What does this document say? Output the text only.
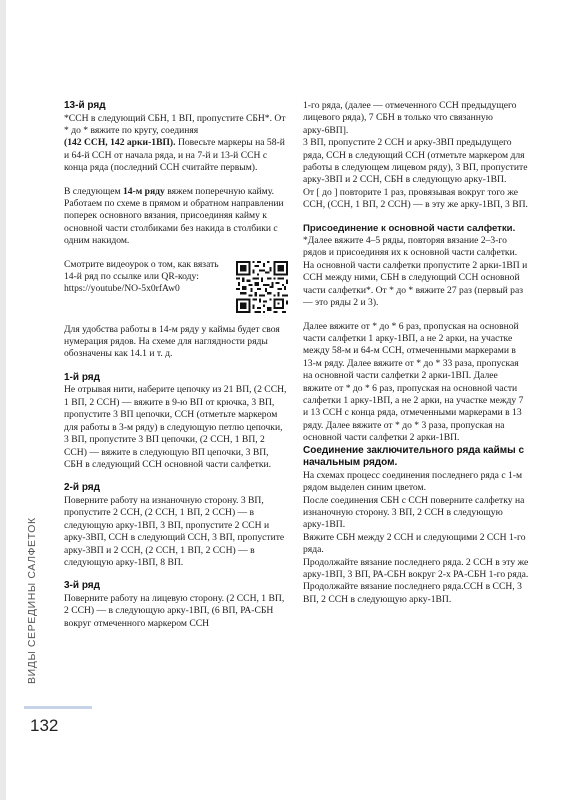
13-й ряд

*ССН в следующий СБН, 1 ВП, пропустите СБН*. От * до * вяжите по кругу, соединяя
(142 ССН, 142 арки-1ВП). Повесьте маркеры на 58-й и 64-й ССН от начала ряда, и на 7-й и 13-й ССН с конца ряда (последний ССН считайте первым).

В следующем 14-м ряду вяжем поперечную кайму. Работаем по схеме в прямом и обратном направлении поперек основного вязания, присоединяя кайму к основной части столбиками без накида в столбики с одним накидом.

Смотрите видеоурок о том, как вязать 14-й ряд по ссылке или QR-коду: https://youtube/NO-5x0rfAw0

Для удобства работы в 14-м ряду у каймы будет своя нумерация рядов. На схеме для наглядности ряды обозначены как 14.1 и т. д.

1-й ряд

Не отрывая нити, наберите цепочку из 21 ВП, (2 ССН, 1 ВП, 2 ССН) — вяжите в 9-ю ВП от крючка, 3 ВП, пропустите 3 ВП цепочки, ССН (отметьте маркером для работы в 3-м ряду) в следующую петлю цепочки, 3 ВП, пропустите 3 ВП цепочки, (2 ССН, 1 ВП, 2 ССН) — вяжите в следующую ВП цепочки, 3 ВП, СБН в следующий ССН основной части салфетки.

2-й ряд

Поверните работу на изнаночную сторону. 3 ВП, пропустите 2 ССН, (2 ССН, 1 ВП, 2 ССН) — в следующую арку-1ВП, 3 ВП, пропустите 2 ССН и арку-3ВП, ССН в следующий ССН, 3 ВП, пропустите арку-3ВП и 2 ССН, (2 ССН, 1 ВП, 2 ССН) — в следующую арку-1ВП, 8 ВП.

3-й ряд

Поверните работу на лицевую сторону. (2 ССН, 1 ВП, 2 ССН) — в следующую арку-1ВП, (6 ВП, РА-СБН вокруг отмеченного маркером ССН

1-го ряда, (далее — отмеченного ССН предыдущего лицевого ряда), 7 СБН в только что связанную арку-6ВП].

3 ВП, пропустите 2 ССН и арку-3ВП предыдущего ряда, ССН в следующий ССН (отметьте маркером для работы в следующем лицевом ряду), 3 ВП, пропустите арку-3ВП и 2 ССН, СБН в следующую арку-1ВП.

От [ до ] повторите 1 раз, провязывая вокруг того же ССН, (ССН, 1 ВП, 2 ССН) — в эту же арку-1ВП, 3 ВП.

Присоединение к основной части салфетки. *Далее вяжите 4–5 ряды, повторяя вязание 2–3-го рядов и присоединяя их к основной части салфетки. На основной части салфетки пропустите 2 арки-1ВП и ССН между ними, СБН в следующий ССН основной части салфетки*. От * до * вяжите 27 раз (первый раз — это ряды 2 и 3).

Далее вяжите от * до * 6 раз, пропуская на основной части салфетки 1 арку-1ВП, а не 2 арки, на участке между 58-м и 64-м ССН, отмеченными маркерами в 13-м ряду. Далее вяжите от * до * 33 раза, пропуская на основной части салфетки 2 арки-1ВП. Далее вяжите от * до * 6 раз, пропуская на основной части салфетки 1 арку-1ВП, а не 2 арки, на участке между 7 и 13 ССН с конца ряда, отмеченными маркерами в 13 ряду. Далее вяжите от * до * 3 раза, пропуская на основной части салфетки 2 арки-1ВП.

Соединение заключительного ряда каймы с начальным рядом.

На схемах процесс соединения последнего ряда с 1-м рядом выделен синим цветом.

После соединения СБН с ССН поверните салфетку на изнаночную сторону. 3 ВП, 2 ССН в следующую арку-1ВП.

Вяжите СБН между 2 ССН и следующими 2 ССН 1-го ряда.

Продолжайте вязание последнего ряда. 2 ССН в эту же арку-1ВП, 3 ВП, РА-СБН вокруг 2-х РА-СБН 1-го ряда.

Продолжайте вязание последнего ряда.ССН в ССН, 3 ВП, 2 ССН в следующую арку-1ВП.

132
ВИДЫ СЕРЕДИНЫ САЛФЕТОК
